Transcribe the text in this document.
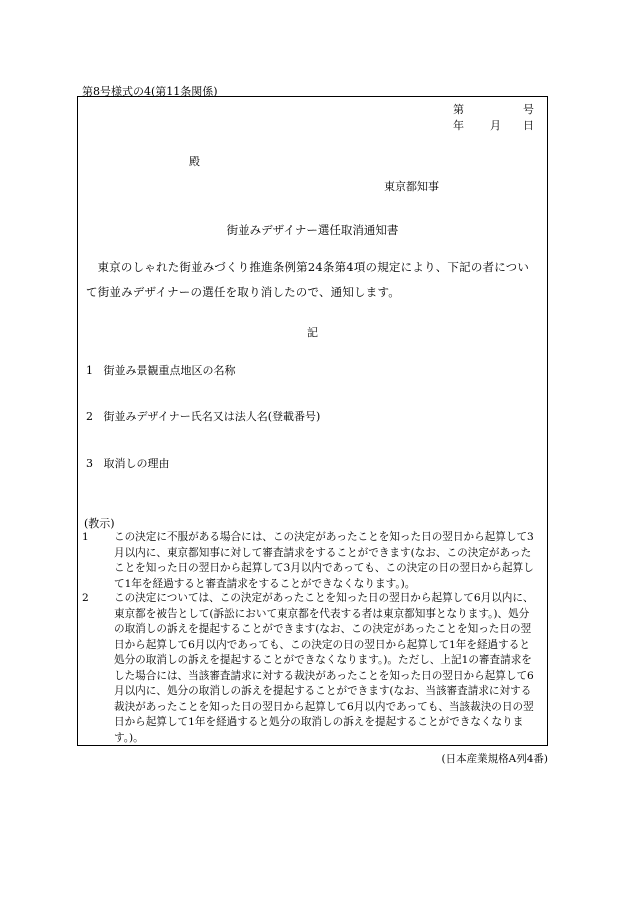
第8号様式の4(第11条関係)
第	号
年 月 日
殿
東京都知事
街並みデザイナー選任取消通知書
東京のしゃれた街並みづくり推進条例第24条第4項の規定により、下記の者について街並みデザイナーの選任を取り消したので、通知します。
記
1 街並み景観重点地区の名称
2 街並みデザイナー氏名又は法人名(登載番号)
3 取消しの理由
(教示)
1 この決定に不服がある場合には、この決定があったことを知った日の翌日から起算して3月以内に、東京都知事に対して審査請求をすることができます(なお、この決定があったことを知った日の翌日から起算して3月以内であっても、この決定の日の翌日から起算して1年を経過すると審査請求をすることができなくなります。)。
2 この決定については、この決定があったことを知った日の翌日から起算して6月以内に、東京都を被告として(訴訟において東京都を代表する者は東京都知事となります。)、処分の取消しの訴えを提起することができます(なお、この決定があったことを知った日の翌日から起算して6月以内であっても、この決定の日の翌日から起算して1年を経過すると処分の取消しの訴えを提起することができなくなります。)。ただし、上記1の審査請求をした場合には、当該審査請求に対する裁決があったことを知った日の翌日から起算して6月以内に、処分の取消しの訴えを提起することができます(なお、当該審査請求に対する裁決があったことを知った日の翌日から起算して6月以内であっても、当該裁決の日の翌日から起算して1年を経過すると処分の取消しの訴えを提起することができなくなります。)。
(日本産業規格A列4番)
